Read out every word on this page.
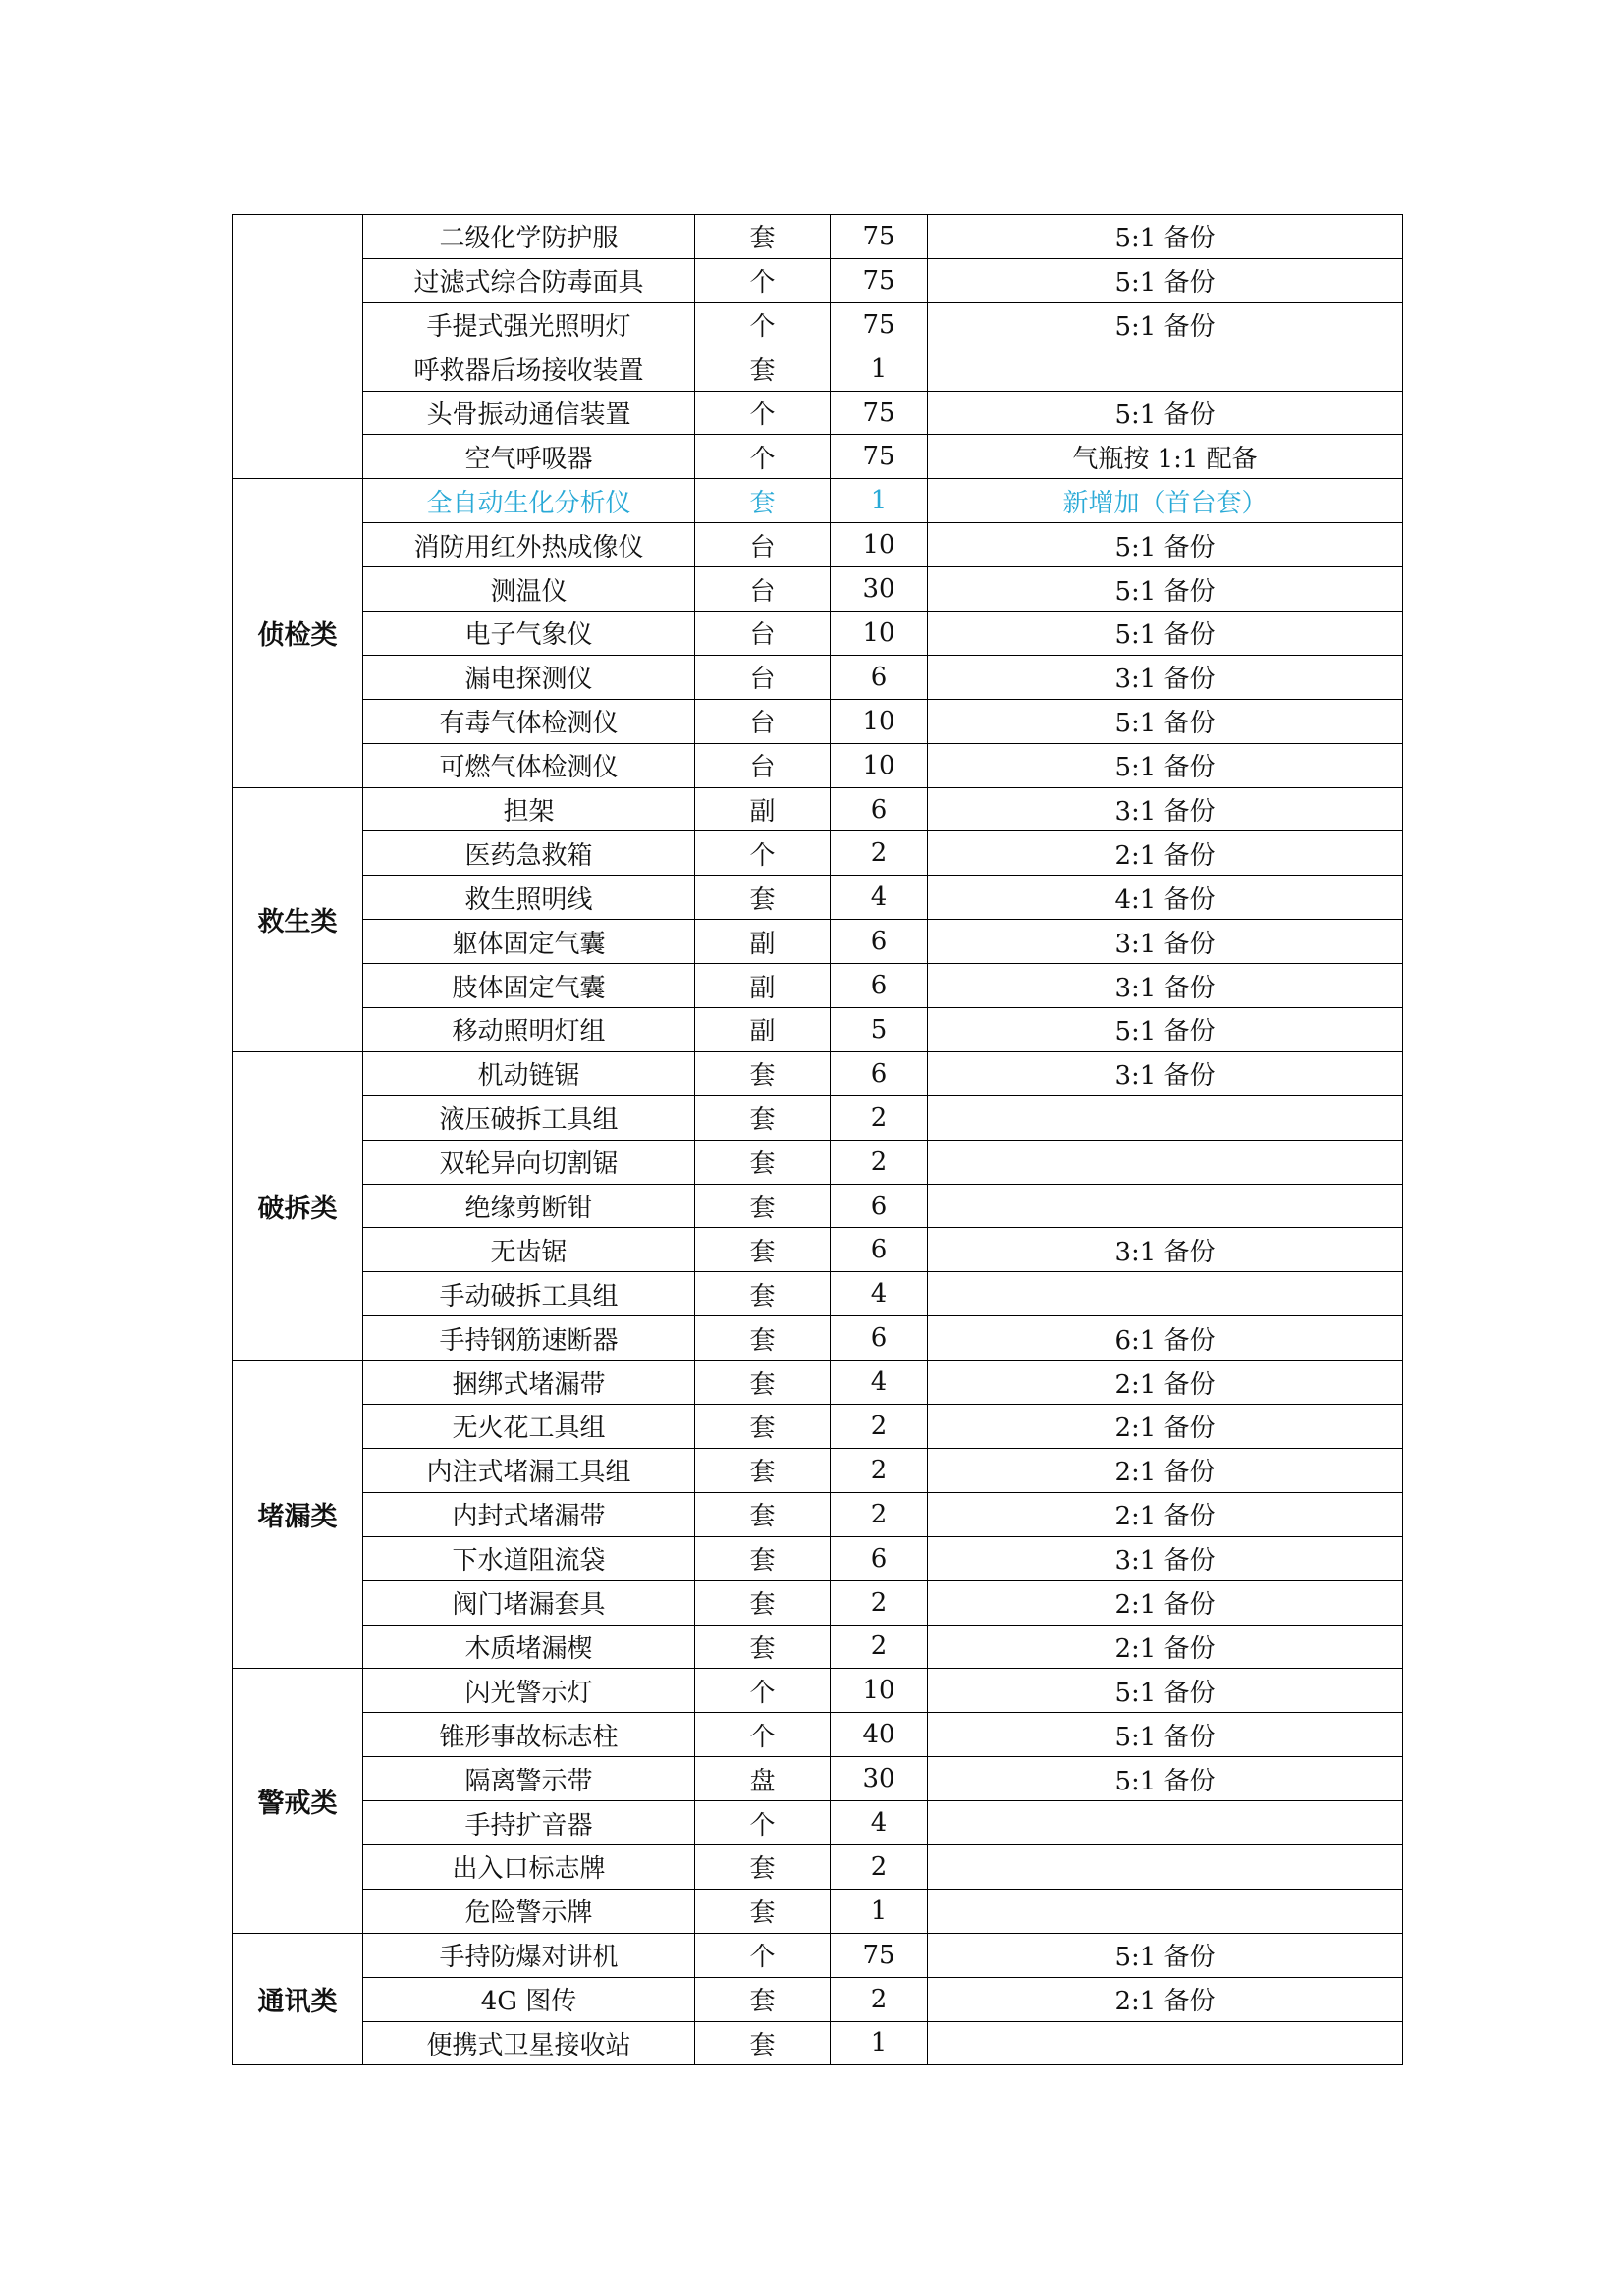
	二级化学防护服	套	75	5:1 备份
	过滤式综合防毒面具	个	75	5:1 备份
	手提式强光照明灯	个	75	5:1 备份
	呼救器后场接收装置	套	1	
	头骨振动通信装置	个	75	5:1 备份
	空气呼吸器	个	75	气瓶按 1:1 配备
侦检类	全自动生化分析仪	套	1	新增加（首台套）
	消防用红外热成像仪	台	10	5:1 备份
	测温仪	台	30	5:1 备份
	电子气象仪	台	10	5:1 备份
	漏电探测仪	台	6	3:1 备份
	有毒气体检测仪	台	10	5:1 备份
	可燃气体检测仪	台	10	5:1 备份
救生类	担架	副	6	3:1 备份
	医药急救箱	个	2	2:1 备份
	救生照明线	套	4	4:1 备份
	躯体固定气囊	副	6	3:1 备份
	肢体固定气囊	副	6	3:1 备份
	移动照明灯组	副	5	5:1 备份
破拆类	机动链锯	套	6	3:1 备份
	液压破拆工具组	套	2	
	双轮异向切割锯	套	2	
	绝缘剪断钳	套	6	
	无齿锯	套	6	3:1 备份
	手动破拆工具组	套	4	
	手持钢筋速断器	套	6	6:1 备份
堵漏类	捆绑式堵漏带	套	4	2:1 备份
	无火花工具组	套	2	2:1 备份
	内注式堵漏工具组	套	2	2:1 备份
	内封式堵漏带	套	2	2:1 备份
	下水道阻流袋	套	6	3:1 备份
	阀门堵漏套具	套	2	2:1 备份
	木质堵漏楔	套	2	2:1 备份
警戒类	闪光警示灯	个	10	5:1 备份
	锥形事故标志柱	个	40	5:1 备份
	隔离警示带	盘	30	5:1 备份
	手持扩音器	个	4	
	出入口标志牌	套	2	
	危险警示牌	套	1	
通讯类	手持防爆对讲机	个	75	5:1 备份
	4G 图传	套	2	2:1 备份
	便携式卫星接收站	套	1	
